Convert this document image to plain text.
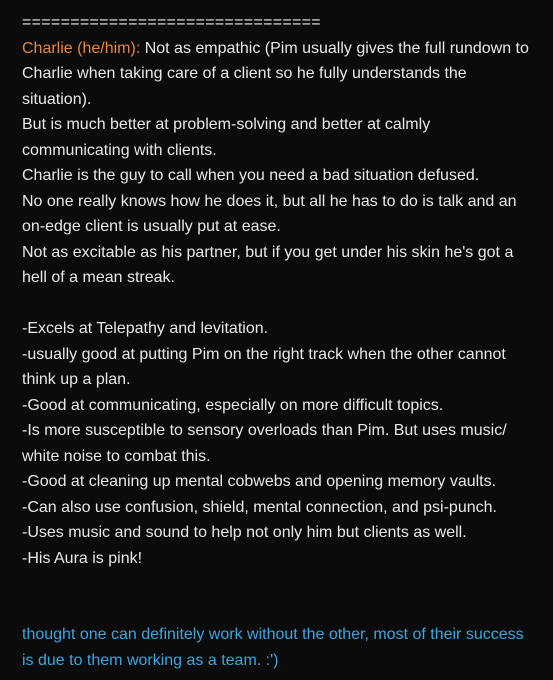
===============================

Charlie (he/him): Not as empathic (Pim usually gives the full rundown to Charlie when taking care of a client so he fully understands the situation).

But is much better at problem-solving and better at calmly communicating with clients.

Charlie is the guy to call when you need a bad situation defused.

No one really knows how he does it, but all he has to do is talk and an on-edge client is usually put at ease.

Not as excitable as his partner, but if you get under his skin he's got a hell of a mean streak.

-Excels at Telepathy and levitation.

-usually good at putting Pim on the right track when the other cannot think up a plan.

-Good at communicating, especially on more difficult topics.

-Is more susceptible to sensory overloads than Pim. But uses music/ white noise to combat this.

-Good at cleaning up mental cobwebs and opening memory vaults.

-Can also use confusion, shield, mental connection, and psi-punch.

-Uses music and sound to help not only him but clients as well.

-His Aura is pink!

thought one can definitely work without the other, most of their success is due to them working as a team. :')
